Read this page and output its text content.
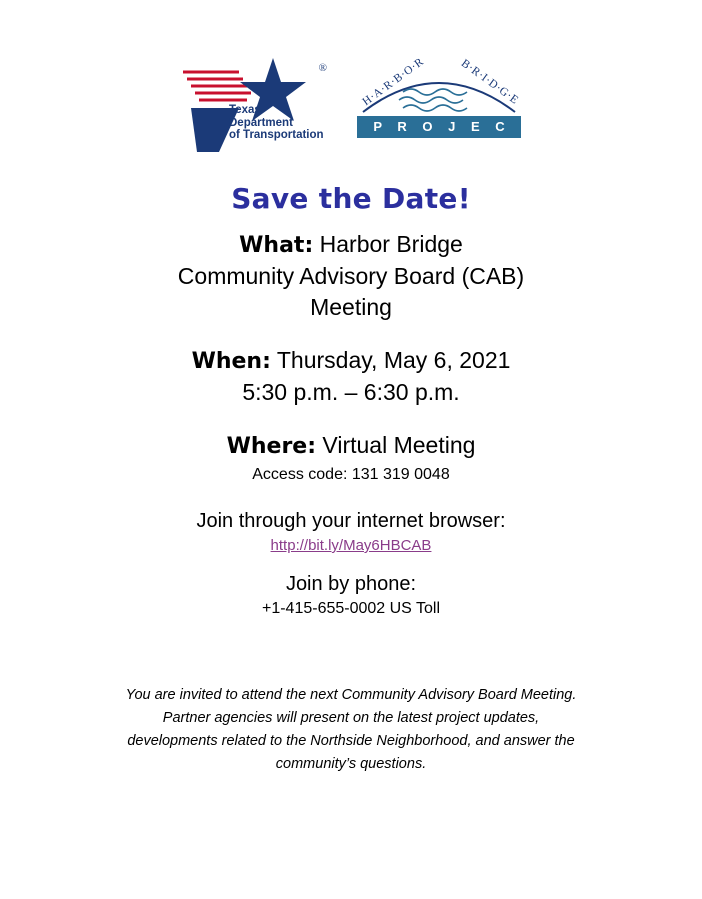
®
Texas
Department
of Transportation
H·A·R·B·O·R	B·R·I·D·G·E
P R O J E C T
Save the Date!

What: Harbor Bridge
Community Advisory Board (CAB)
Meeting

When: Thursday, May 6, 2021
5:30 p.m. – 6:30 p.m.

Where: Virtual Meeting

Access code: 131 319 0048

Join through your internet browser:

http://bit.ly/May6HBCAB

Join by phone:

+1-415-655-0002 US Toll

You are invited to attend the next Community Advisory Board Meeting.
Partner agencies will present on the latest project updates,
developments related to the Northside Neighborhood, and answer the
community’s questions.
